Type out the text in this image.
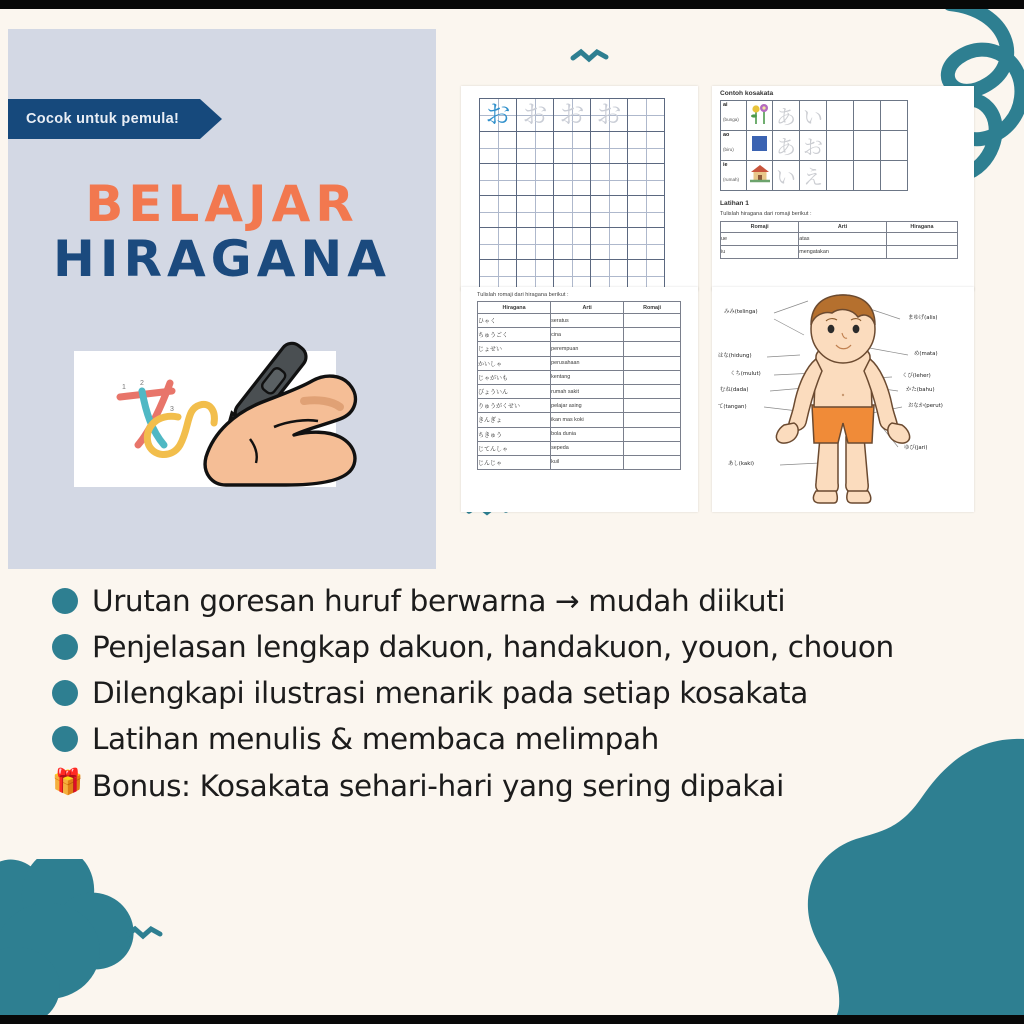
Cocok untuk pemula!
BELAJAR
HIRAGANA
1
2
3
お	お	お	お	

Contoh kosakata
ai
(bunga)		あ	い			

ao
(biru)		あ	お			

ie
(rumah)		い	え			
Latihan 1
Tulislah hiragana dari romaji berikut :
Romaji	Arti	Hiragana
ue	atas	
iu	mengatakan	
Tulislah romaji dari hiragana berikut :
Hiragana	Arti	Romaji
ひゃく	seratus	
ちゅうごく	cina	
じょせい	perempuan	
かいしゃ	perusahaan	
じゃがいも	kentang	
びょういん	rumah sakit	
りゅうがくせい	pelajar asing	
きんぎょ	ikan mas koki	
ちきゅう	bola dunia	
じてんしゃ	sepeda	
じんじゃ	kuil	
みみ(telinga)
はな(hidung)
くち(mulut)
むね(dada)
て(tangan)
あし(kaki)
まゆげ(alis)
め(mata)
くび(leher)
かた(bahu)
おなか(perut)
ゆび(jari)
Urutan goresan huruf berwarna → mudah diikuti
Penjelasan lengkap dakuon, handakuon, youon, chouon
Dilengkapi ilustrasi menarik pada setiap kosakata
Latihan menulis & membaca melimpah
🎁 Bonus: Kosakata sehari-hari yang sering dipakai
